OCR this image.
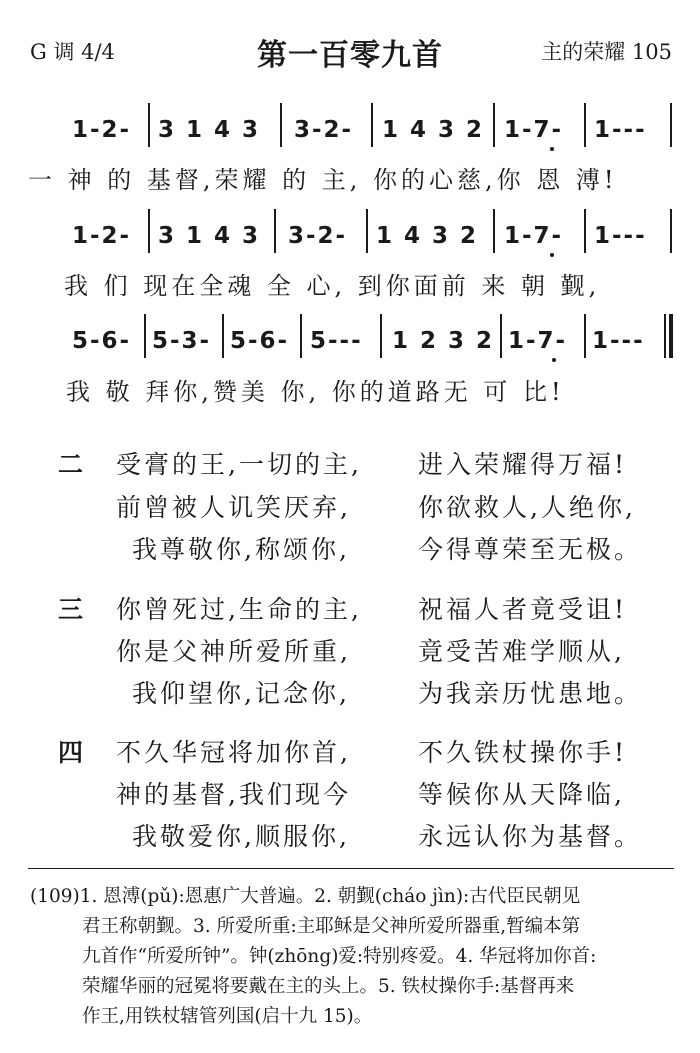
G 调 4/4	第一百零九首	主的荣耀 105
1-2- 3 1 4 3 3-2- 1 4 3 2 1-7- 1---
一 神 的 基督,荣耀 的 主, 你的心慈,你 恩 溥!
1-2- 3 1 4 3 3-2- 1 4 3 2 1-7- 1---
我 们 现在全魂 全 心, 到你面前 来 朝 觐,
5-6- 5-3- 5-6- 5--- 1 2 3 2 1-7- 1---
我 敬 拜你,赞美 你, 你的道路无 可 比!
二 受膏的王,一切的主, 进入荣耀得万福!
前曾被人讥笑厌弃,	你欲救人,人绝你,
我尊敬你,称颂你,	今得尊荣至无极。
三 你曾死过,生命的主, 祝福人者竟受诅!
你是父神所爱所重,	竟受苦难学顺从,
我仰望你,记念你,	为我亲历忧患地。
四 不久华冠将加你首,	不久铁杖操你手!
神的基督,我们现今	等候你从天降临,
我敬爱你,顺服你,	永远认你为基督。

(109)1. 恩溥(pǔ):恩惠广大普遍。2. 朝觐(cháo jìn):古代臣民朝见

君王称朝觐。3. 所爱所重:主耶稣是父神所爱所器重,暂编本第

九首作“所爱所钟”。钟(zhōng)爱:特别疼爱。4. 华冠将加你首:

荣耀华丽的冠冕将要戴在主的头上。5. 铁杖操你手:基督再来

作王,用铁杖辖管列国(启十九 15)。
